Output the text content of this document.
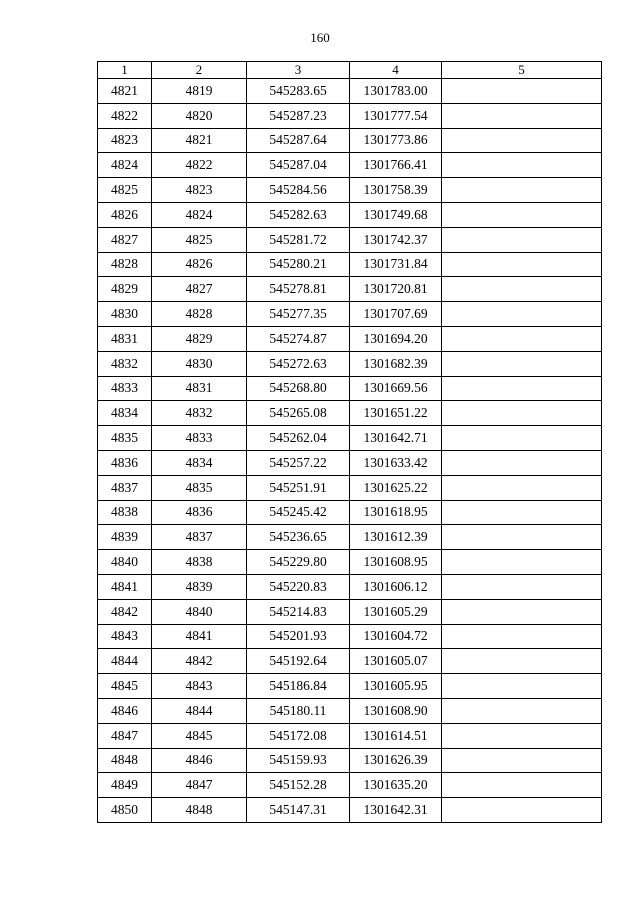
160
1	2	3	4	5
4821	4819	545283.65	1301783.00	
4822	4820	545287.23	1301777.54	
4823	4821	545287.64	1301773.86	
4824	4822	545287.04	1301766.41	
4825	4823	545284.56	1301758.39	
4826	4824	545282.63	1301749.68	
4827	4825	545281.72	1301742.37	
4828	4826	545280.21	1301731.84	
4829	4827	545278.81	1301720.81	
4830	4828	545277.35	1301707.69	
4831	4829	545274.87	1301694.20	
4832	4830	545272.63	1301682.39	
4833	4831	545268.80	1301669.56	
4834	4832	545265.08	1301651.22	
4835	4833	545262.04	1301642.71	
4836	4834	545257.22	1301633.42	
4837	4835	545251.91	1301625.22	
4838	4836	545245.42	1301618.95	
4839	4837	545236.65	1301612.39	
4840	4838	545229.80	1301608.95	
4841	4839	545220.83	1301606.12	
4842	4840	545214.83	1301605.29	
4843	4841	545201.93	1301604.72	
4844	4842	545192.64	1301605.07	
4845	4843	545186.84	1301605.95	
4846	4844	545180.11	1301608.90	
4847	4845	545172.08	1301614.51	
4848	4846	545159.93	1301626.39	
4849	4847	545152.28	1301635.20	
4850	4848	545147.31	1301642.31	
